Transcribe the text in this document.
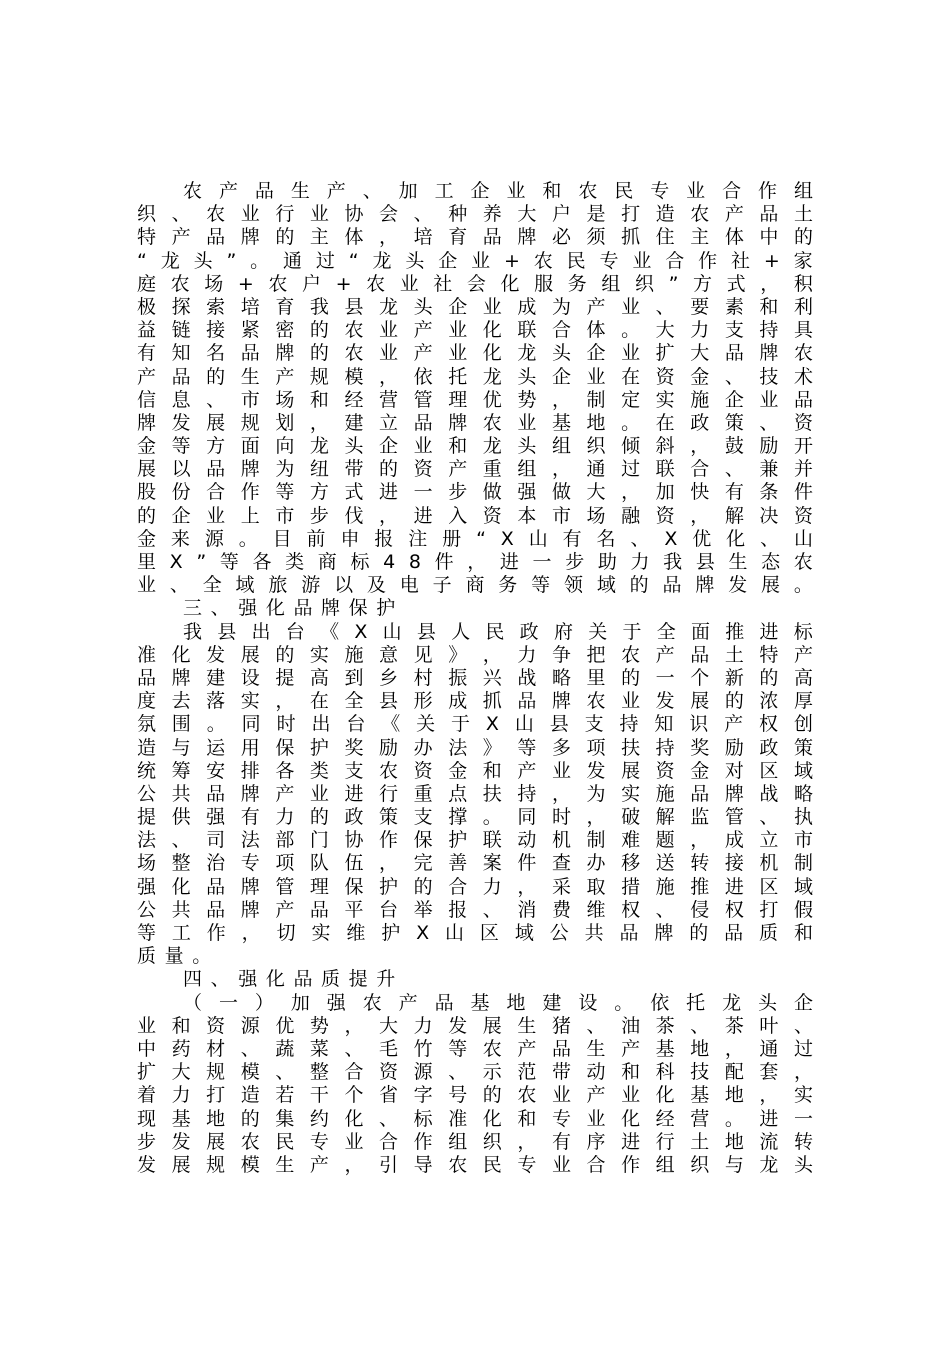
农 产 品 生 产 、 加 工 企 业 和 农 民 专 业 合 作 组
织 、 农 业 行 业 协 会 、 种 养 大 户 是 打 造 农 产 品 土
特 产 品 牌 的 主 体 ， 培 育 品 牌 必 须 抓 住 主 体 中 的
“ 龙 头 ” 。 通 过 “ 龙 头 企 业 + 农 民 专 业 合 作 社 + 家
庭 农 场 + 农 户 + 农 业 社 会 化 服 务 组 织 ” 方 式 ， 积
极 探 索 培 育 我 县 龙 头 企 业 成 为 产 业 、 要 素 和 利
益 链 接 紧 密 的 农 业 产 业 化 联 合 体 。 大 力 支 持 具
有 知 名 品 牌 的 农 业 产 业 化 龙 头 企 业 扩 大 品 牌 农
产 品 的 生 产 规 模 ， 依 托 龙 头 企 业 在 资 金 、 技 术
信 息 、 市 场 和 经 营 管 理 优 势 ， 制 定 实 施 企 业 品
牌 发 展 规 划 ， 建 立 品 牌 农 业 基 地 。 在 政 策 、 资
金 等 方 面 向 龙 头 企 业 和 龙 头 组 织 倾 斜 ， 鼓 励 开
展 以 品 牌 为 纽 带 的 资 产 重 组 ， 通 过 联 合 、 兼 并
股 份 合 作 等 方 式 进 一 步 做 强 做 大 ， 加 快 有 条 件
的 企 业 上 市 步 伐 ， 进 入 资 本 市 场 融 资 ， 解 决 资
金 来 源 。 目 前 申 报 注 册 “ X 山 有 名 、 X 优 化 、 山
里 X ” 等 各 类 商 标 4 8 件 ， 进 一 步 助 力 我 县 生 态 农
业 、 全 域 旅 游 以 及 电 子 商 务 等 领 域 的 品 牌 发 展 。
三 、 强 化 品 牌 保 护
我 县 出 台 《 X 山 县 人 民 政 府 关 于 全 面 推 进 标
准 化 发 展 的 实 施 意 见 》 ， 力 争 把 农 产 品 土 特 产
品 牌 建 设 提 高 到 乡 村 振 兴 战 略 里 的 一 个 新 的 高
度 去 落 实 ， 在 全 县 形 成 抓 品 牌 农 业 发 展 的 浓 厚
氛 围 。 同 时 出 台 《 关 于 X 山 县 支 持 知 识 产 权 创
造 与 运 用 保 护 奖 励 办 法 》 等 多 项 扶 持 奖 励 政 策
统 筹 安 排 各 类 支 农 资 金 和 产 业 发 展 资 金 对 区 域
公 共 品 牌 产 业 进 行 重 点 扶 持 ， 为 实 施 品 牌 战 略
提 供 强 有 力 的 政 策 支 撑 。 同 时 ， 破 解 监 管 、 执
法 、 司 法 部 门 协 作 保 护 联 动 机 制 难 题 ， 成 立 市
场 整 治 专 项 队 伍 ， 完 善 案 件 查 办 移 送 转 接 机 制
强 化 品 牌 管 理 保 护 的 合 力 ， 采 取 措 施 推 进 区 域
公 共 品 牌 产 品 平 台 举 报 、 消 费 维 权 、 侵 权 打 假
等 工 作 ， 切 实 维 护 X 山 区 域 公 共 品 牌 的 品 质 和
质 量 。
四 、 强 化 品 质 提 升
（ 一 ） 加 强 农 产 品 基 地 建 设 。 依 托 龙 头 企
业 和 资 源 优 势 ， 大 力 发 展 生 猪 、 油 茶 、 茶 叶 、
中 药 材 、 蔬 菜 、 毛 竹 等 农 产 品 生 产 基 地 ， 通 过
扩 大 规 模 、 整 合 资 源 、 示 范 带 动 和 科 技 配 套 ，
着 力 打 造 若 干 个 省 字 号 的 农 业 产 业 化 基 地 ， 实
现 基 地 的 集 约 化 、 标 准 化 和 专 业 化 经 营 。 进 一
步 发 展 农 民 专 业 合 作 组 织 ， 有 序 进 行 土 地 流 转
发 展 规 模 生 产 ， 引 导 农 民 专 业 合 作 组 织 与 龙 头
